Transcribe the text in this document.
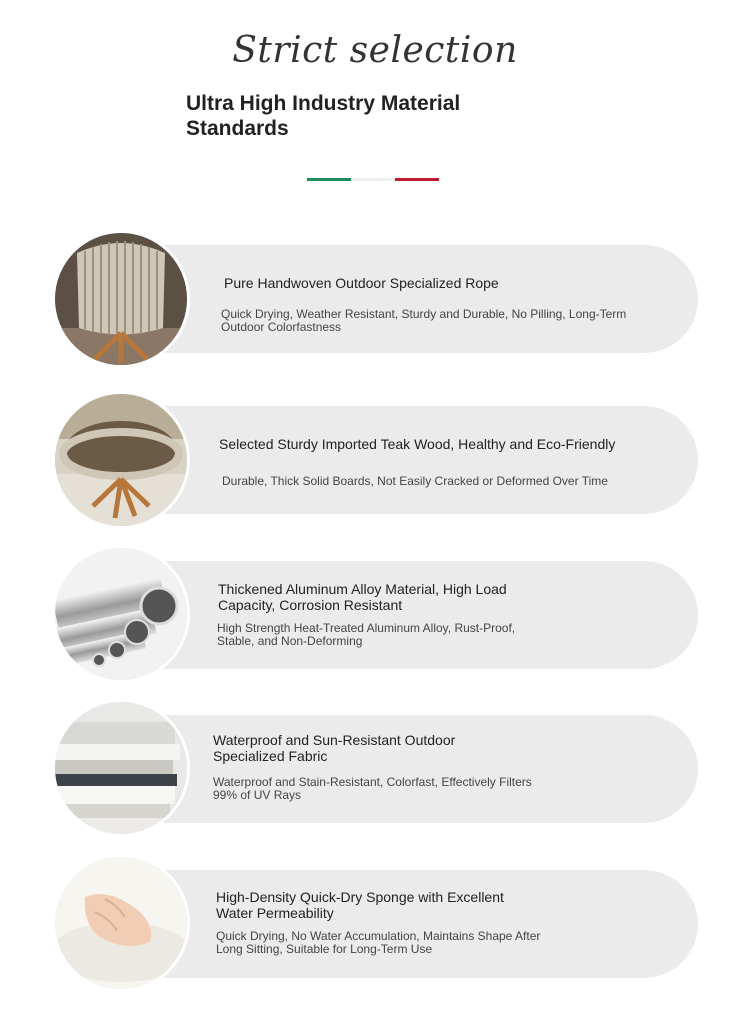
Strict selection
Ultra High Industry Material Standards
Pure Handwoven Outdoor Specialized Rope
Quick Drying, Weather Resistant, Sturdy and Durable, No Pilling, Long-Term Outdoor Colorfastness
Selected Sturdy Imported Teak Wood, Healthy and Eco-Friendly
Durable, Thick Solid Boards, Not Easily Cracked or Deformed Over Time
Thickened Aluminum Alloy Material, High Load Capacity, Corrosion Resistant
High Strength Heat-Treated Aluminum Alloy, Rust-Proof, Stable, and Non-Deforming
Waterproof and Sun-Resistant Outdoor Specialized Fabric
Waterproof and Stain-Resistant, Colorfast, Effectively Filters 99% of UV Rays
High-Density Quick-Dry Sponge with Excellent Water Permeability
Quick Drying, No Water Accumulation, Maintains Shape After Long Sitting, Suitable for Long-Term Use
